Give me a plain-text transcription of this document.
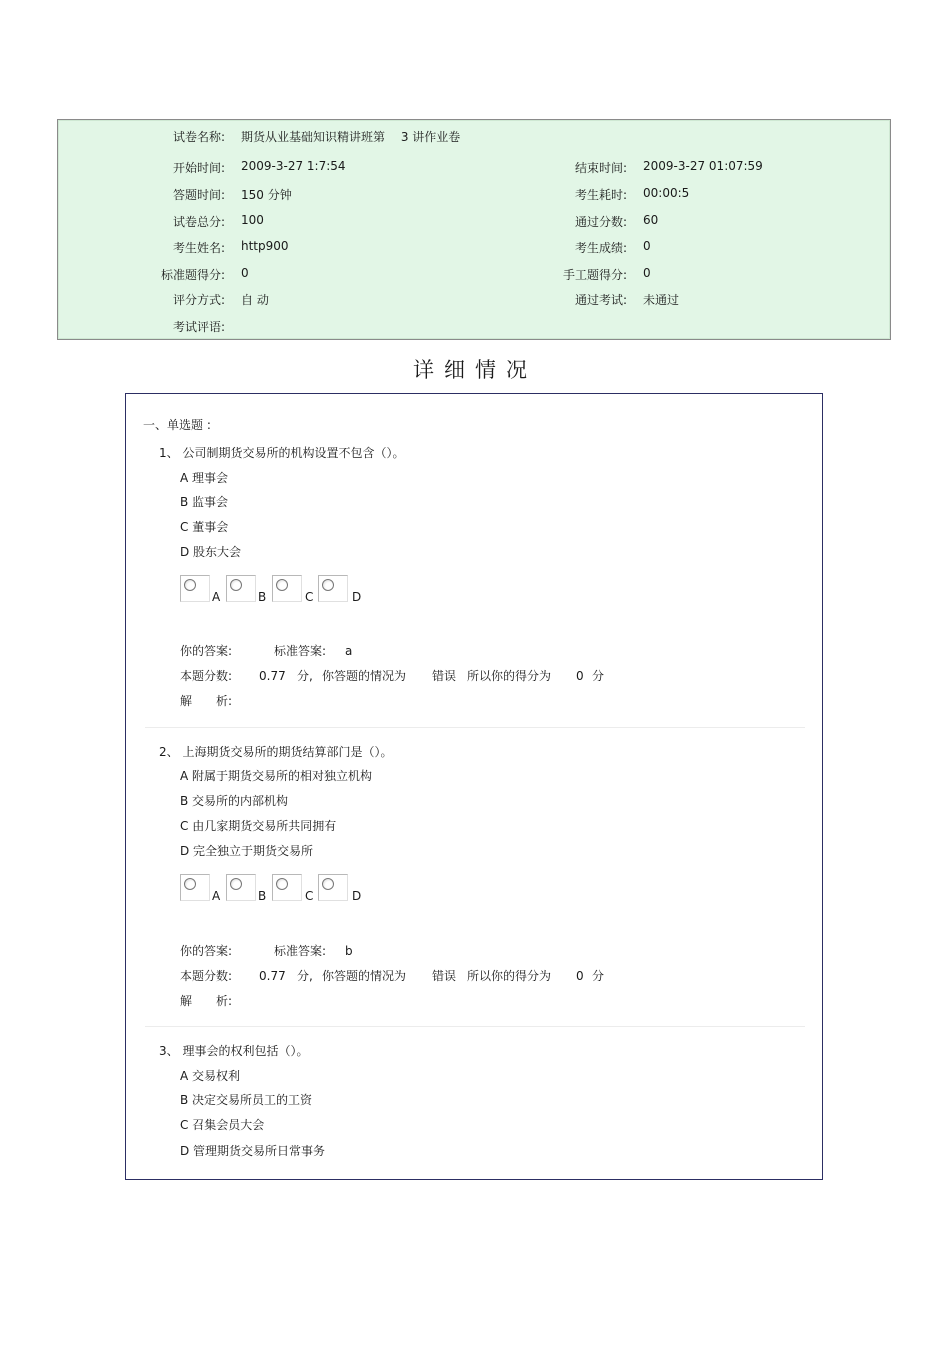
试卷名称: 期货从业基础知识精讲班第　 3 讲作业卷
开始时间: 2009-3-27 1:7:54	结束时间: 2009-3-27 01:07:59
答题时间: 150 分钟	考生耗时: 00:00:5
试卷总分: 100	通过分数: 60
考生姓名: http900	考生成绩: 0
标准题得分: 0	手工题得分: 0
评分方式: 自 动	通过考试: 未通过
考试评语:
详细情况
一、单选题 :
1、 公司制期货交易所的机构设置不包含（）。
A 理事会
B 监事会
C 董事会
D 股东大会
A	B	C	D
你的答案:	标准答案: a
本题分数: 0.77 分, 你答题的情况为 错误 所以你的得分为 0 分
解　　析:
2、 上海期货交易所的期货结算部门是（）。
A 附属于期货交易所的相对独立机构
B 交易所的内部机构
C 由几家期货交易所共同拥有
D 完全独立于期货交易所
A	B	C	D
你的答案:	标准答案: b
本题分数: 0.77 分, 你答题的情况为 错误 所以你的得分为 0 分
解　　析:
3、 理事会的权利包括（）。
A 交易权利
B 决定交易所员工的工资
C 召集会员大会
D 管理期货交易所日常事务
